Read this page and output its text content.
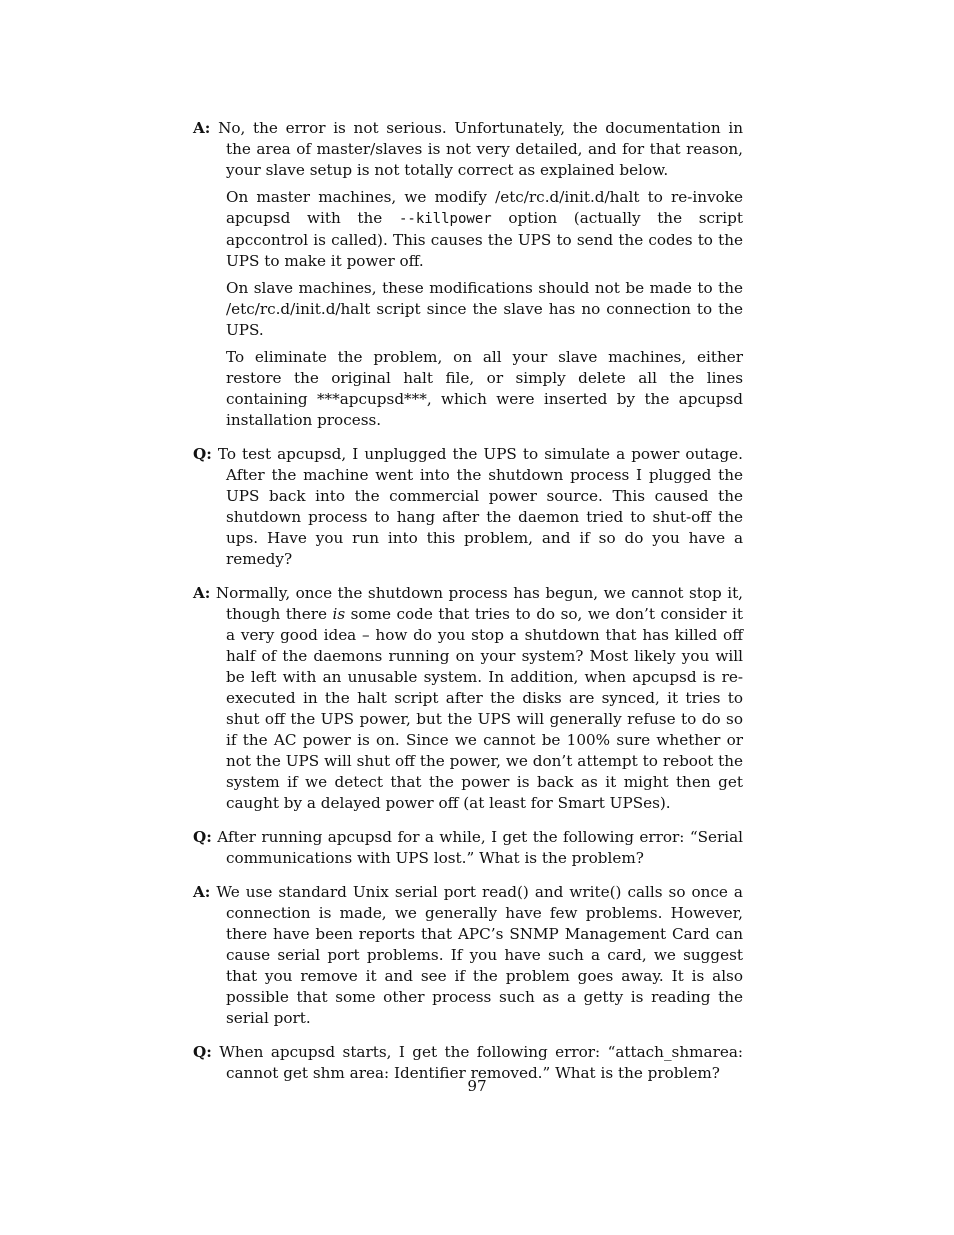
A: No, the error is not serious. Unfortunately, the documentation in the area of master/slaves is not very detailed, and for that reason, your slave setup is not totally correct as explained below.
On master machines, we modify /etc/rc.d/init.d/halt to re-invoke apcupsd with the --killpower option (actually the script apccontrol is called). This causes the UPS to send the codes to the UPS to make it power off.
On slave machines, these modifications should not be made to the /etc/rc.d/init.d/halt script since the slave has no connection to the UPS.
To eliminate the problem, on all your slave machines, either restore the original halt file, or simply delete all the lines containing ***apcupsd***, which were inserted by the apcupsd installation process.
Q: To test apcupsd, I unplugged the UPS to simulate a power outage. After the machine went into the shutdown process I plugged the UPS back into the commercial power source. This caused the shutdown process to hang after the daemon tried to shut-off the ups. Have you run into this problem, and if so do you have a remedy?
A: Normally, once the shutdown process has begun, we cannot stop it, though there is some code that tries to do so, we don’t consider it a very good idea – how do you stop a shutdown that has killed off half of the daemons running on your system? Most likely you will be left with an unusable system. In addition, when apcupsd is re-executed in the halt script after the disks are synced, it tries to shut off the UPS power, but the UPS will generally refuse to do so if the AC power is on. Since we cannot be 100% sure whether or not the UPS will shut off the power, we don’t attempt to reboot the system if we detect that the power is back as it might then get caught by a delayed power off (at least for Smart UPSes).
Q: After running apcupsd for a while, I get the following error: “Serial communications with UPS lost.” What is the problem?
A: We use standard Unix serial port read() and write() calls so once a connection is made, we generally have few problems. However, there have been reports that APC’s SNMP Management Card can cause serial port problems. If you have such a card, we suggest that you remove it and see if the problem goes away. It is also possible that some other process such as a getty is reading the serial port.
Q: When apcupsd starts, I get the following error: “attach_shmarea: cannot get shm area: Identifier removed.” What is the problem?
97
